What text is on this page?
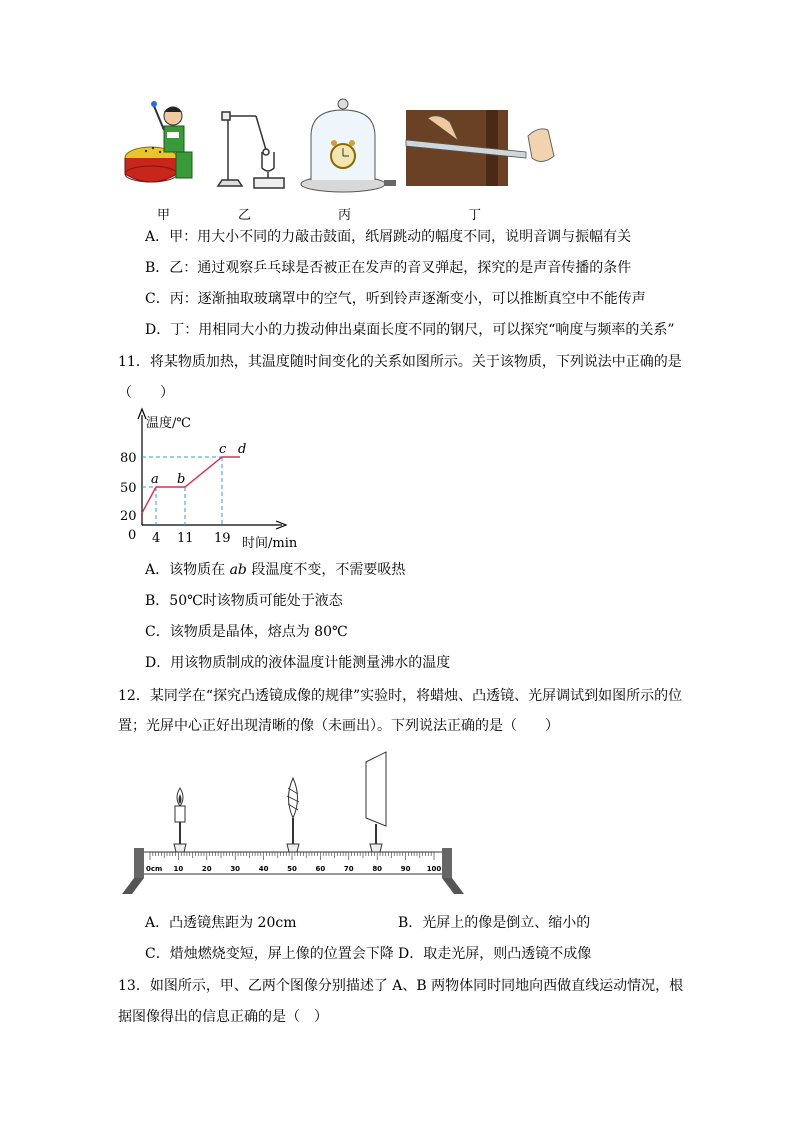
甲	乙	丙	丁
A．甲：用大小不同的力敲击鼓面，纸屑跳动的幅度不同，说明音调与振幅有关
B．乙：通过观察乒乓球是否被正在发声的音叉弹起，探究的是声音传播的条件
C．丙：逐渐抽取玻璃罩中的空气，听到铃声逐渐变小，可以推断真空中不能传声
D．丁：用相同大小的力拨动伸出桌面长度不同的钢尺，可以探究“响度与频率的关系”
11．将某物质加热，其温度随时间变化的关系如图所示。关于该物质，下列说法中正确的是
（　　）
温度/℃
80
50
20
0 4 11 19 时间/min
a b
c d
A．该物质在 ab 段温度不变，不需要吸热
B．50℃时该物质可能处于液态
C．该物质是晶体，熔点为 80℃
D．用该物质制成的液体温度计能测量沸水的温度
12．某同学在“探究凸透镜成像的规律”实验时，将蜡烛、凸透镜、光屏调试到如图所示的位
置；光屏中心正好出现清晰的像（未画出）。下列说法正确的是（　　）
0cm 10	20	30	40	50	60	70	80	90 100
A．凸透镜焦距为 20cm	B．光屏上的像是倒立、缩小的
C．焟烛燃烧变短，屏上像的位置会下降 D．取走光屏，则凸透镜不成像
13．如图所示，甲、乙两个图像分别描述了 A、B 两物体同时同地向西做直线运动情况，根
据图像得出的信息正确的是（　）
